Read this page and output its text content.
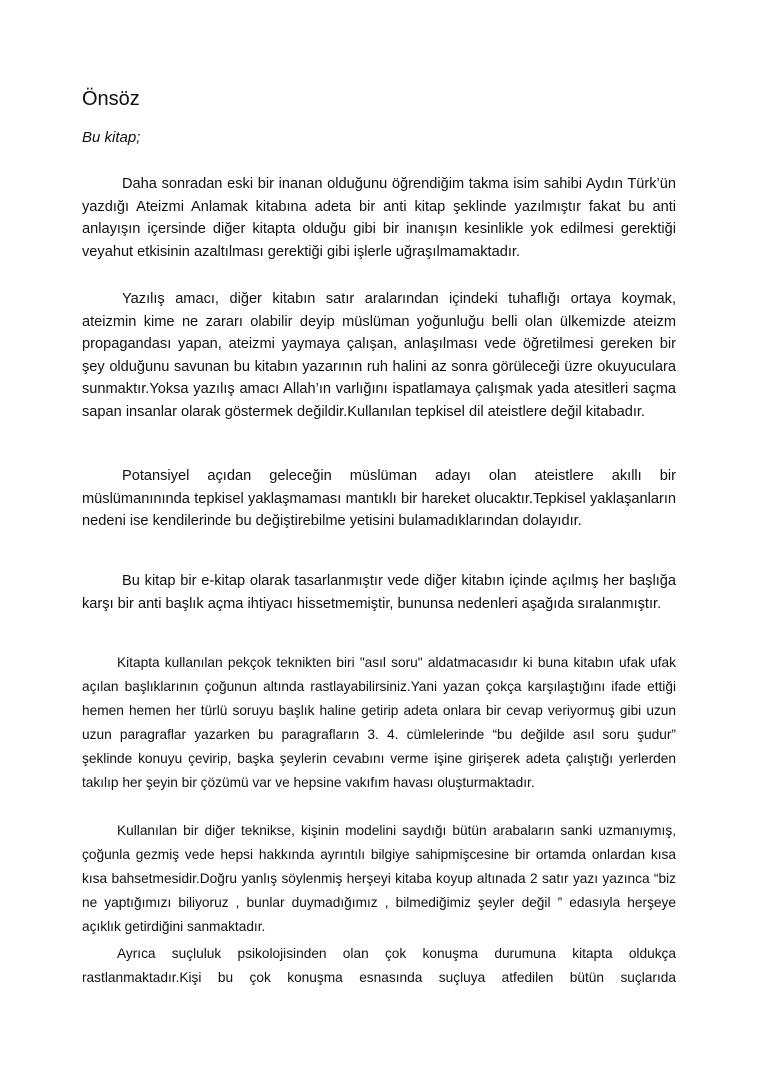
Önsöz

Bu kitap;

Daha sonradan eski bir inanan olduğunu öğrendiğim takma isim sahibi Aydın Türk’ün yazdığı Ateizmi Anlamak kitabına adeta bir anti kitap şeklinde yazılmıştır fakat bu anti anlayışın içersinde diğer kitapta olduğu gibi bir inanışın kesinlikle yok edilmesi gerektiği veyahut etkisinin azaltılması gerektiği gibi işlerle uğraşılmamaktadır.

Yazılış amacı, diğer kitabın satır aralarından içindeki tuhaflığı ortaya koymak, ateizmin kime ne zararı olabilir deyip müslüman yoğunluğu belli olan ülkemizde ateizm propagandası yapan, ateizmi yaymaya çalışan, anlaşılması vede öğretilmesi gereken bir şey olduğunu savunan bu kitabın yazarının ruh halini az sonra görüleceği üzre okuyuculara sunmaktır.Yoksa yazılış amacı Allah’ın varlığını ispatlamaya çalışmak yada atesitleri saçma sapan insanlar olarak göstermek değildir.Kullanılan tepkisel dil ateistlere değil kitabadır.

Potansiyel açıdan geleceğin müslüman adayı olan ateistlere akıllı bir müslümanınında tepkisel yaklaşmaması mantıklı bir hareket olucaktır.Tepkisel yaklaşanların nedeni ise kendilerinde bu değiştirebilme yetisini bulamadıklarından dolayıdır.

Bu kitap bir e-kitap olarak tasarlanmıştır vede diğer kitabın içinde açılmış her başlığa karşı bir anti başlık açma ihtiyacı hissetmemiştir, bununsa nedenleri aşağıda sıralanmıştır.

Kitapta kullanılan pekçok teknikten biri "asıl soru" aldatmacasıdır ki buna kitabın ufak ufak açılan başlıklarının çoğunun altında rastlayabilirsiniz.Yani yazan çokça karşılaştığını ifade ettiği hemen hemen her türlü soruyu başlık haline getirip adeta onlara bir cevap veriyormuş gibi uzun uzun paragraflar yazarken bu paragrafların 3. 4. cümlelerinde “bu değilde asıl soru şudur” şeklinde konuyu çevirip, başka şeylerin cevabını verme işine girişerek adeta çalıştığı yerlerden takılıp her şeyin bir çözümü var ve hepsine vakıfım havası oluşturmaktadır.

Kullanılan bir diğer teknikse, kişinin modelini saydığı bütün arabaların sanki uzmanıymış, çoğunla gezmiş vede hepsi hakkında ayrıntılı bilgiye sahipmişcesine bir ortamda onlardan kısa kısa bahsetmesidir.Doğru yanlış söylenmiş herşeyi kitaba koyup altınada 2 satır yazı yazınca “biz ne yaptığımızı biliyoruz , bunlar duymadığımız , bilmediğimiz şeyler değil ” edasıyla herşeye açıklık getirdiğini sanmaktadır.

Ayrıca suçluluk psikolojisinden olan çok konuşma durumuna kitapta oldukça rastlanmaktadır.Kişi bu çok konuşma esnasında suçluya atfedilen bütün suçlarıda
